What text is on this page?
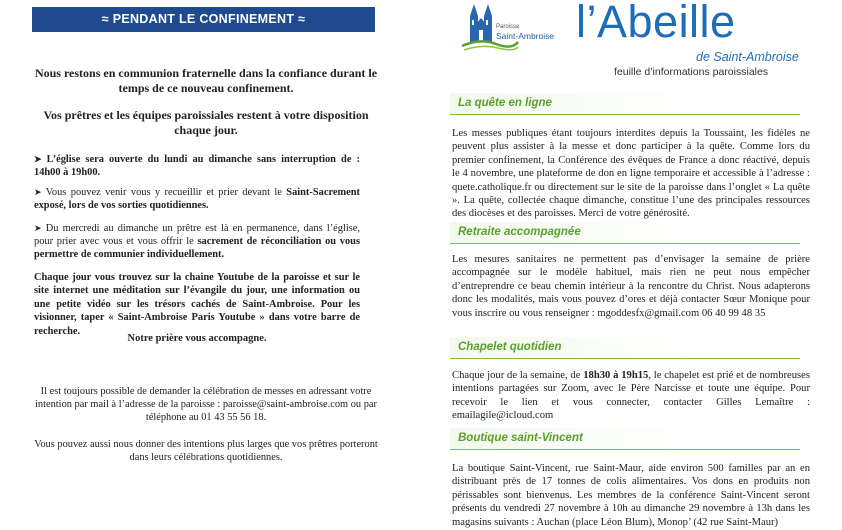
≈ PENDANT LE CONFINEMENT ≈

Nous restons en communion fraternelle dans la confiance durant le temps de ce nouveau confinement.

Vos prêtres et les équipes paroissiales restent à votre disposition chaque jour.

➤ L’église sera ouverte du lundi au dimanche sans interruption de : 14h00 à 19h00.

➤ Vous pouvez venir vous y recueillir et prier devant le Saint-Sacrement exposé, lors de vos sorties quotidiennes.

➤ Du mercredi au dimanche un prêtre est là en permanence, dans l’église, pour prier avec vous et vous offrir le sacrement de réconciliation ou vous permettre de communier individuellement.

Chaque jour vous trouvez sur la chaine Youtube de la paroisse et sur le site internet une méditation sur l’évangile du jour, une information ou une petite vidéo sur les trésors cachés de Saint-Ambroise. Pour les visionner, taper « Saint-Ambroise Paris Youtube » dans votre barre de recherche.

Notre prière vous accompagne.

Il est toujours possible de demander la célébration de messes en adressant votre intention par mail à l’adresse de la paroisse : paroisse@saint-ambroise.com ou par téléphone au 01 43 55 56 18.

Vous pouvez aussi nous donner des intentions plus larges que vos prêtres porteront dans leurs célébrations quotidiennes.

Paroisse
Saint-Ambroise l’Abeille
de Saint-Ambroise
feuille d’informations paroissiales
La quête en ligne

Les messes publiques étant toujours interdites depuis la Toussaint, les fidèles ne peuvent plus assister à la messe et donc participer à la quête. Comme lors du premier confinement, la Conférence des évêques de France a donc réactivé, depuis le 4 novembre, une plateforme de don en ligne temporaire et accessible à l’adresse : quete.catholique.fr ou directement sur le site de la paroisse dans l’onglet « La quête ». La quête, collectée chaque dimanche, constitue l’une des principales ressources des diocèses et des paroisses. Merci de votre générosité.

Retraite accompagnée

Les mesures sanitaires ne permettent pas d’envisager la semaine de prière accompagnée sur le modèle habituel, mais rien ne peut nous empêcher d’entreprendre ce beau chemin intérieur à la rencontre du Christ. Nous adapterons donc les modalités, mais vous pouvez d’ores et déjà contacter Sœur Monique pour vous inscrire ou vous renseigner : mgoddesfx@gmail.com 06 40 99 48 35

Chapelet quotidien

Chaque jour de la semaine, de 18h30 à 19h15, le chapelet est prié et de nombreuses intentions partagées sur Zoom, avec le Père Narcisse et toute une équipe. Pour recevoir le lien et vous connecter, contacter Gilles Lemaître : emailagile@icloud.com

Boutique saint-Vincent

La boutique Saint-Vincent, rue Saint-Maur, aide environ 500 familles par an en distribuant près de 17 tonnes de colis alimentaires. Vos dons en produits non périssables sont bienvenus. Les membres de la conférence Saint-Vincent seront présents du vendredi 27 novembre à 10h au dimanche 29 novembre à 13h dans les magasins suivants : Auchan (place Léon Blum), Monop’ (42 rue Saint-Maur)
